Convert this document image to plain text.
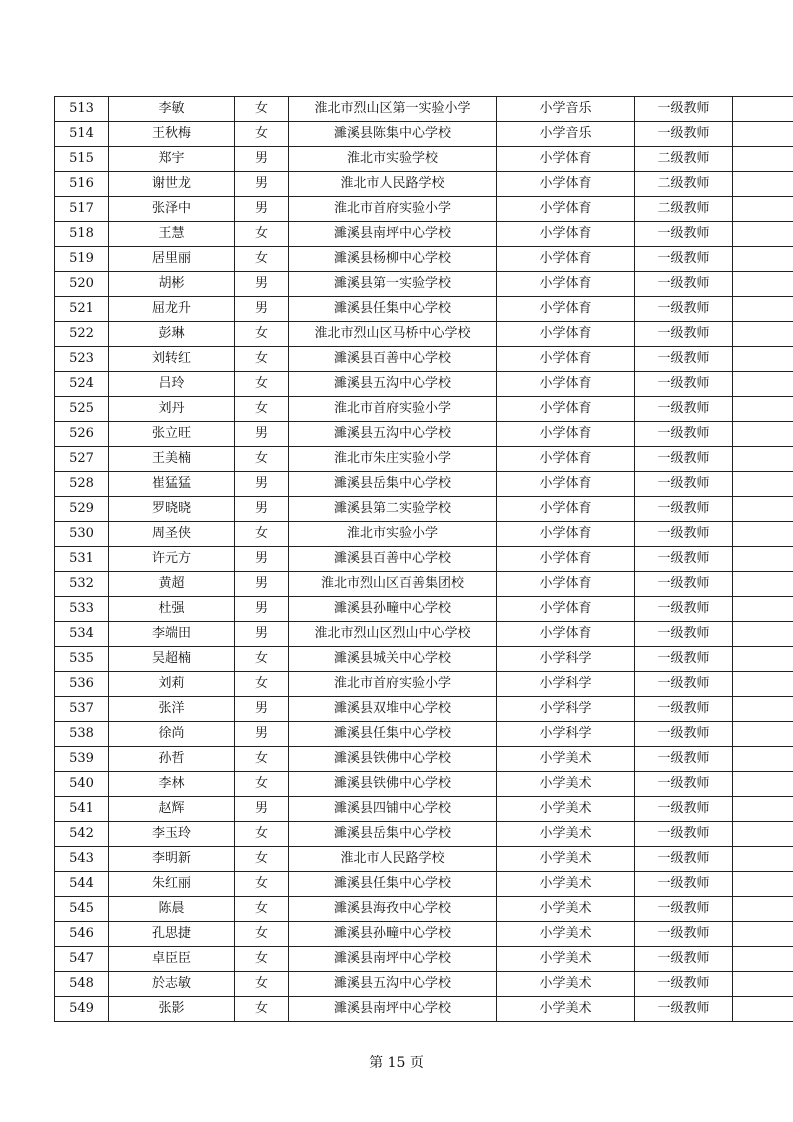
513	李敏	女	淮北市烈山区第一实验小学	小学音乐	一级教师	
514	王秋梅	女	濉溪县陈集中心学校	小学音乐	一级教师	
515	郑宇	男	淮北市实验学校	小学体育	二级教师	
516	谢世龙	男	淮北市人民路学校	小学体育	二级教师	
517	张泽中	男	淮北市首府实验小学	小学体育	二级教师	
518	王慧	女	濉溪县南坪中心学校	小学体育	一级教师	
519	居里丽	女	濉溪县杨柳中心学校	小学体育	一级教师	
520	胡彬	男	濉溪县第一实验学校	小学体育	一级教师	
521	屈龙升	男	濉溪县任集中心学校	小学体育	一级教师	
522	彭琳	女	淮北市烈山区马桥中心学校	小学体育	一级教师	
523	刘转红	女	濉溪县百善中心学校	小学体育	一级教师	
524	吕玲	女	濉溪县五沟中心学校	小学体育	一级教师	
525	刘丹	女	淮北市首府实验小学	小学体育	一级教师	
526	张立旺	男	濉溪县五沟中心学校	小学体育	一级教师	
527	王美楠	女	淮北市朱庄实验小学	小学体育	一级教师	
528	崔猛猛	男	濉溪县岳集中心学校	小学体育	一级教师	
529	罗晓晓	男	濉溪县第二实验学校	小学体育	一级教师	
530	周圣侠	女	淮北市实验小学	小学体育	一级教师	
531	许元方	男	濉溪县百善中心学校	小学体育	一级教师	
532	黄超	男	淮北市烈山区百善集团校	小学体育	一级教师	
533	杜强	男	濉溪县孙疃中心学校	小学体育	一级教师	
534	李端田	男	淮北市烈山区烈山中心学校	小学体育	一级教师	
535	吴超楠	女	濉溪县城关中心学校	小学科学	一级教师	
536	刘莉	女	淮北市首府实验小学	小学科学	一级教师	
537	张洋	男	濉溪县双堆中心学校	小学科学	一级教师	
538	徐尚	男	濉溪县任集中心学校	小学科学	一级教师	
539	孙哲	女	濉溪县铁佛中心学校	小学美术	一级教师	
540	李林	女	濉溪县铁佛中心学校	小学美术	一级教师	
541	赵辉	男	濉溪县四铺中心学校	小学美术	一级教师	
542	李玉玲	女	濉溪县岳集中心学校	小学美术	一级教师	
543	李明新	女	淮北市人民路学校	小学美术	一级教师	
544	朱红丽	女	濉溪县任集中心学校	小学美术	一级教师	
545	陈晨	女	濉溪县海孜中心学校	小学美术	一级教师	
546	孔思捷	女	濉溪县孙疃中心学校	小学美术	一级教师	
547	卓臣臣	女	濉溪县南坪中心学校	小学美术	一级教师	
548	於志敏	女	濉溪县五沟中心学校	小学美术	一级教师	
549	张影	女	濉溪县南坪中心学校	小学美术	一级教师	
第 15 页
